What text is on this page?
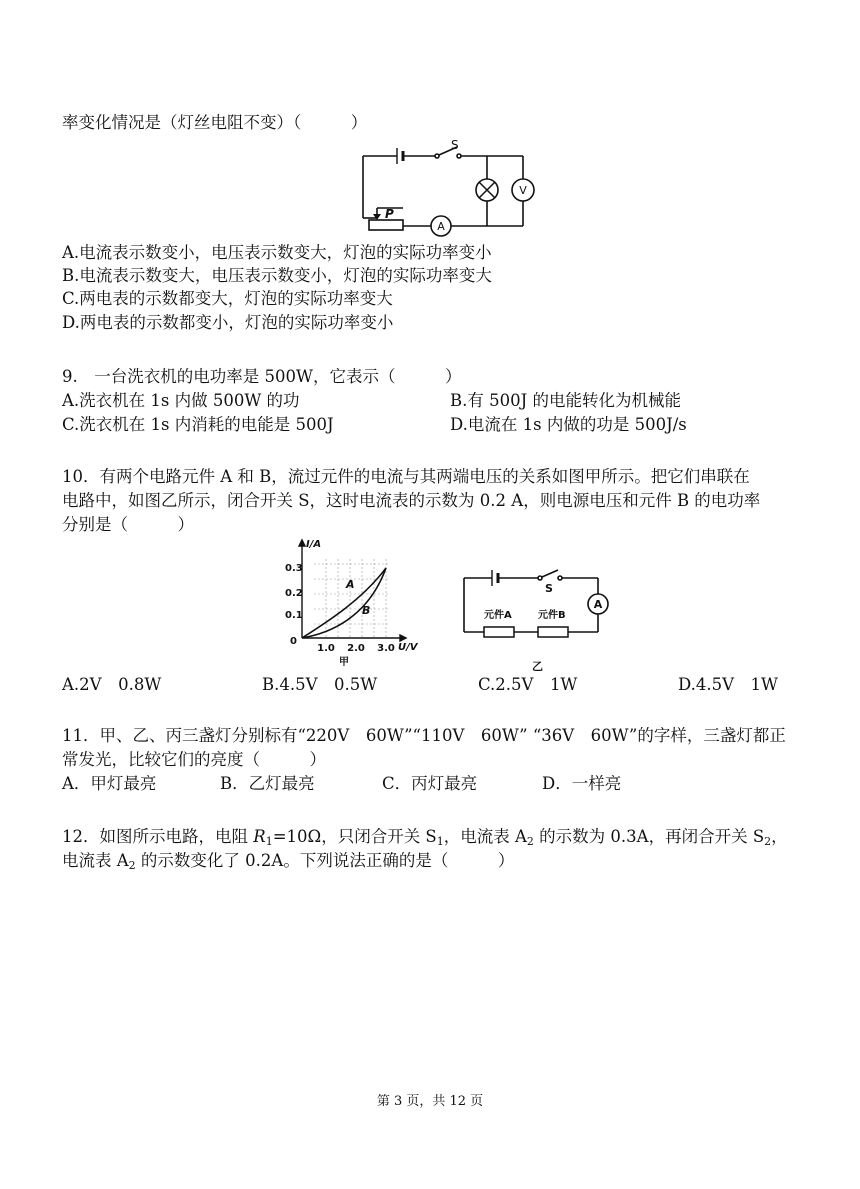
率变化情况是（灯丝电阻不变）（　　　）
S
P
A
V
A.电流表示数变小，电压表示数变大，灯泡的实际功率变小
B.电流表示数变大，电压表示数变小，灯泡的实际功率变大
C.两电表的示数都变大，灯泡的实际功率变大
D.两电表的示数都变小，灯泡的实际功率变小
9.　一台洗衣机的电功率是 500W，它表示（　　　）
A.洗衣机在 1s 内做 500W 的功	B.有 500J 的电能转化为机械能
C.洗衣机在 1s 内消耗的电能是 500J	D.电流在 1s 内做的功是 500J/s
10．有两个电路元件 A 和 B，流过元件的电流与其两端电压的关系如图甲所示。把它们串联在
电路中，如图乙所示，闭合开关 S，这时电流表的示数为 0.2 A，则电源电压和元件 B 的电功率
分别是（　　　）
I/A
U/V
0
0.1
0.2
0.3
1.0 2.0 3.0
A
B
甲
A
S
元件A	元件B
乙
A.2V　0.8W	B.4.5V　0.5W	C.2.5V　1W	D.4.5V　1W
11．甲、乙、丙三盏灯分别标有“220V　60W”“110V　60W” “36V　60W”的字样，三盏灯都正
常发光，比较它们的亮度（　　　）
A．甲灯最亮	B．乙灯最亮	C．丙灯最亮	D．一样亮
12．如图所示电路，电阻 $R_1=10\Omega$，只闭合开关 $S_1$，电流表 $A_2$ 的示数为 0.3A，再闭合开关 $S_2$，
电流表 $A_2$ 的示数变化了 0.2A。下列说法正确的是（　　　）
第 3 页，共 12 页
